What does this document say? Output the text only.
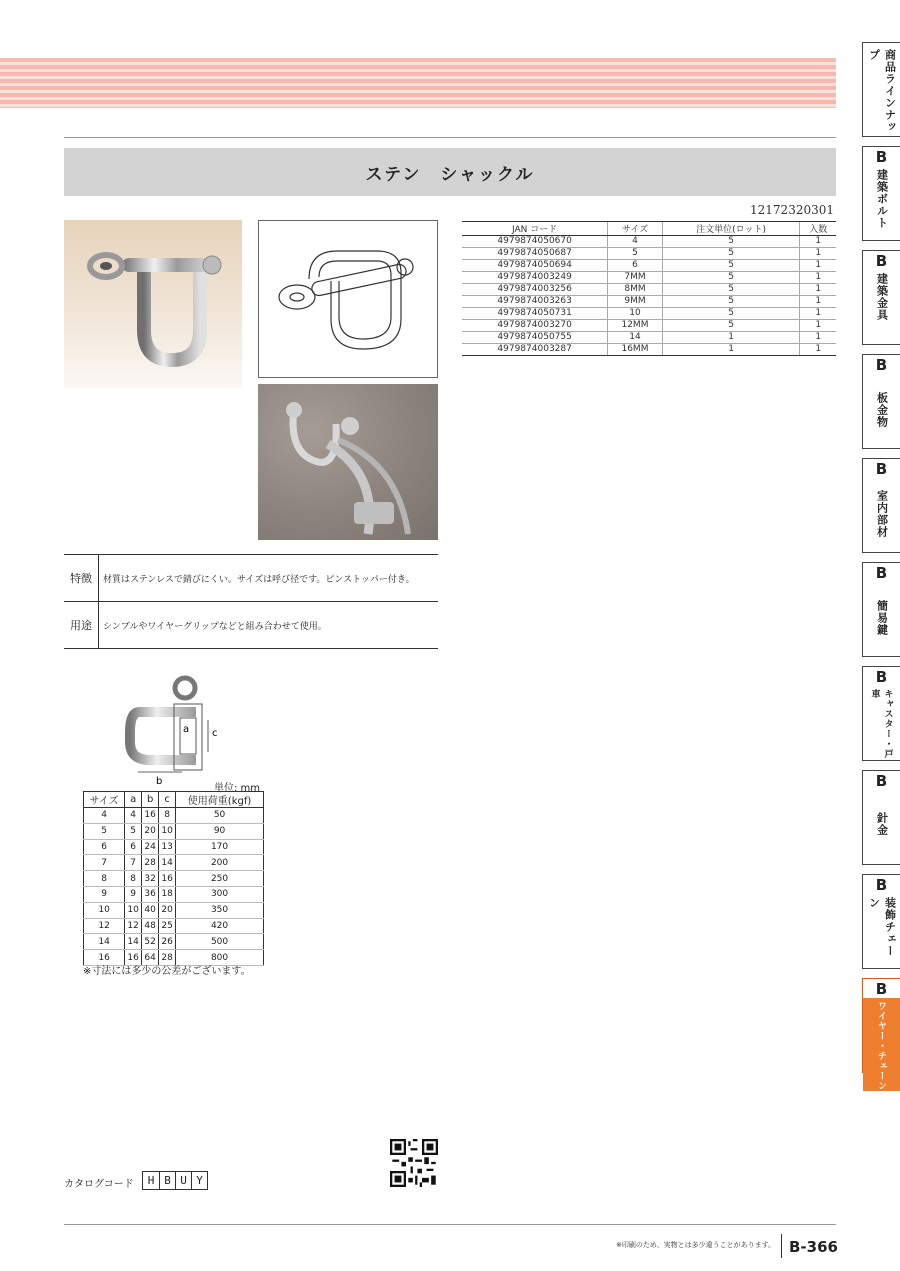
ステン　シャックル
12172320301
JAN コード	サイズ	注文単位(ロット)	入数
4979874050670	4	5	1
4979874050687	5	5	1
4979874050694	6	5	1
4979874003249	7MM	5	1
4979874003256	8MM	5	1
4979874003263	9MM	5	1
4979874050731	10	5	1
4979874003270	12MM	5	1
4979874050755	14	1	1
4979874003287	16MM	1	1
特徴	材質はステンレスで錆びにくい。サイズは呼び径です。ピンストッパー付き。
用途	シンブルやワイヤーグリップなどと組み合わせて使用。
a c
b
単位: mm
サイズ	a	b	c	使用荷重(kgf)
4	4	16	8	50
5	5	20	10	90
6	6	24	13	170
7	7	28	14	200
8	8	32	16	250
9	9	36	18	300
10	10	40	20	350
12	12	48	25	420
14	14	52	26	500
16	16	64	28	800
※寸法には多少の公差がございます。
カタログコード	H B U Y
※印刷のため、実物とは多少違うことがあります。 B-366
商品ラインナップ
B
建築ボルト
B
建築金具
B
板金物
B
室内部材
B
簡易鍵
B
キャスター・戸車
B
針金
B
装飾チェーン
B
ワイヤー・チェーン
